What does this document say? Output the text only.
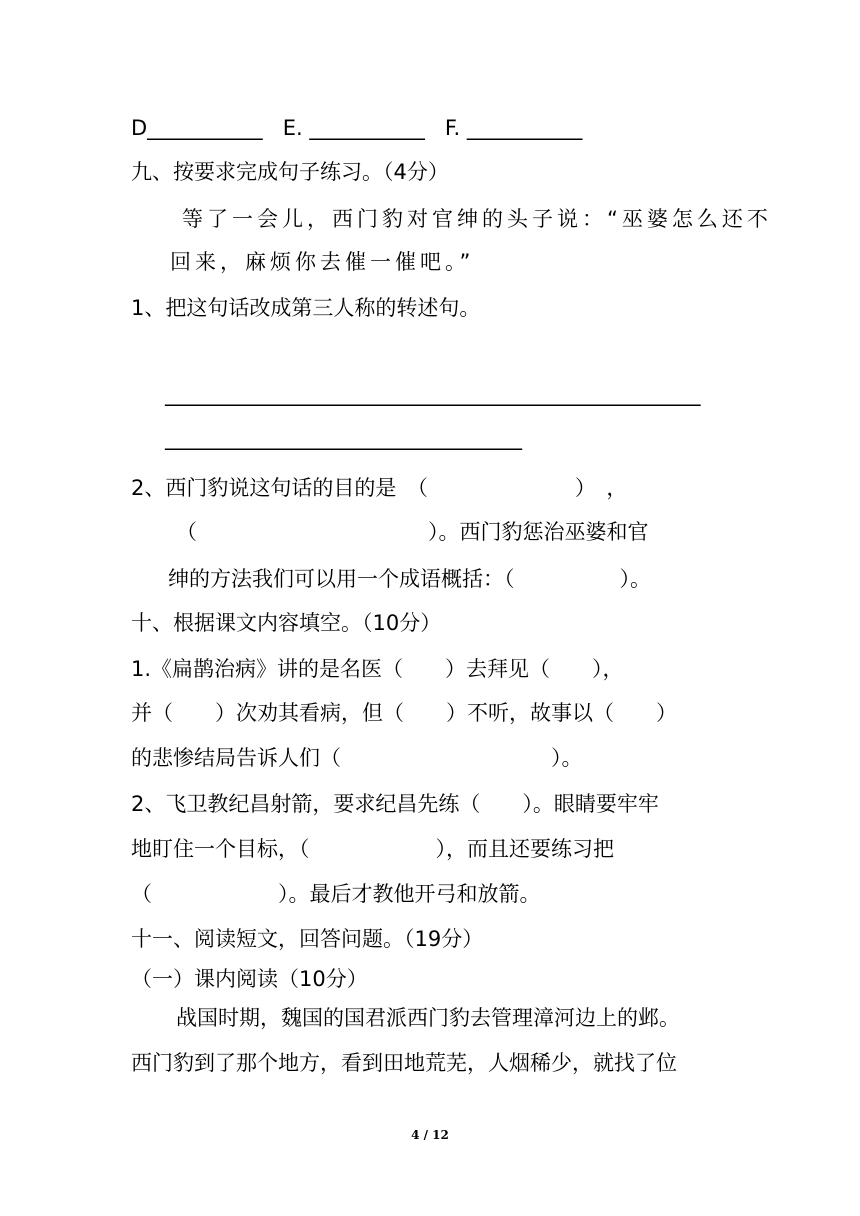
D___________   E. ___________   F. ___________
九、按要求完成句子练习。（4分）
等了一会儿，西门豹对官绅的头子说：“巫婆怎么还不
回来，麻烦你去催一催吧。”
1、把这句话改成第三人称的转述句。
___________________________________________________
__________________________________
2、西门豹说这句话的目的是　（　　　　　　　）　，
（　　　　　　　　　　　）。西门豹惩治巫婆和官
绅的方法我们可以用一个成语概括：（　　　　　）。
十、根据课文内容填空。（10分）
1.《扁鹊治病》讲的是名医（　　）去拜见（　　），
并（　　）次劝其看病，但（　　）不听，故事以（　　）
的悲惨结局告诉人们（　　　　　　　　　　）。
2、飞卫教纪昌射箭，要求纪昌先练（　　）。眼睛要牢牢
地盯住一个目标，（　　　　　　），而且还要练习把
（　　　　　　）。最后才教他开弓和放箭。
十一、阅读短文，回答问题。（19分）
（一）课内阅读（10分）
战国时期，魏国的国君派西门豹去管理漳河边上的邺。
西门豹到了那个地方，看到田地荒芜，人烟稀少，就找了位
4 / 12
